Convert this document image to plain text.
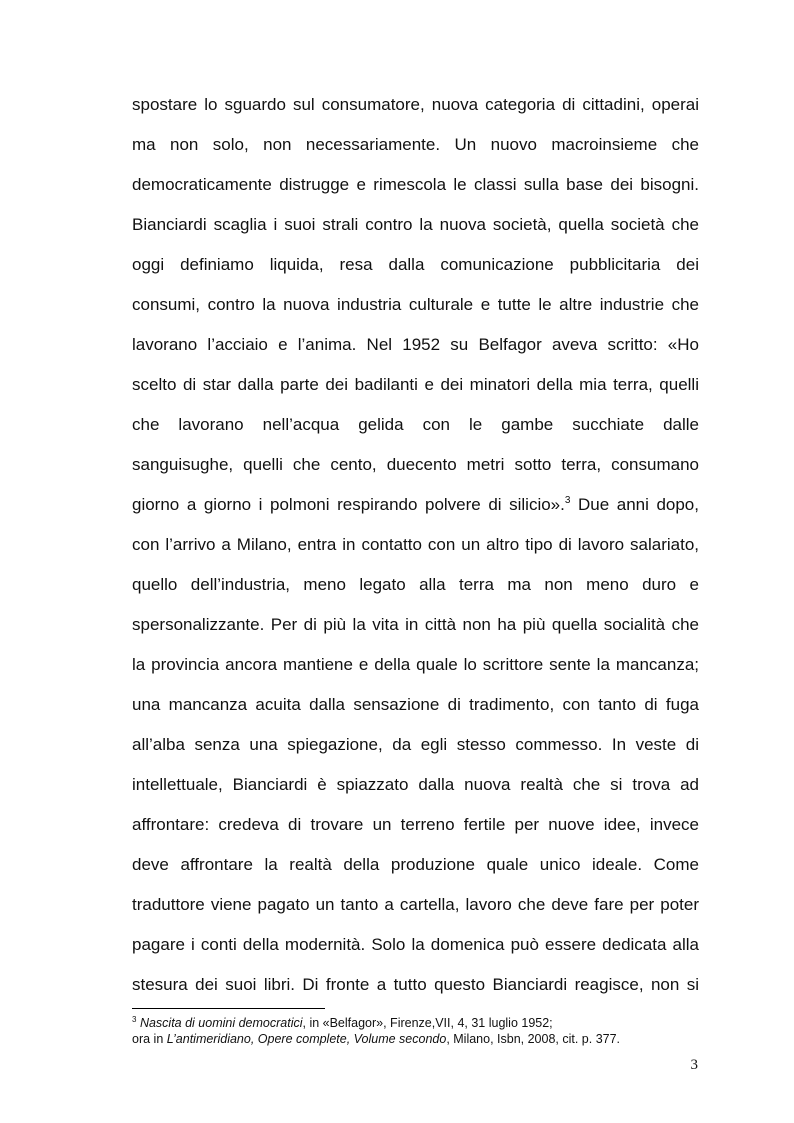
spostare lo sguardo sul consumatore, nuova categoria di cittadini, operai
ma non solo, non necessariamente. Un nuovo macroinsieme che
democraticamente distrugge e rimescola le classi sulla base dei bisogni.
Bianciardi scaglia i suoi strali contro la nuova società, quella società che
oggi definiamo liquida, resa dalla comunicazione pubblicitaria dei
consumi, contro la nuova industria culturale e tutte le altre industrie che
lavorano l’acciaio e l’anima. Nel 1952 su Belfagor aveva scritto: «Ho
scelto di star dalla parte dei badilanti e dei minatori della mia terra, quelli
che lavorano nell’acqua gelida con le gambe succhiate dalle
sanguisughe, quelli che cento, duecento metri sotto terra, consumano
giorno a giorno i polmoni respirando polvere di silicio».$^3$ Due anni dopo,
con l’arrivo a Milano, entra in contatto con un altro tipo di lavoro salariato,
quello dell’industria, meno legato alla terra ma non meno duro e
spersonalizzante. Per di più la vita in città non ha più quella socialità che
la provincia ancora mantiene e della quale lo scrittore sente la mancanza;
una mancanza acuita dalla sensazione di tradimento, con tanto di fuga
all’alba senza una spiegazione, da egli stesso commesso. In veste di
intellettuale, Bianciardi è spiazzato dalla nuova realtà che si trova ad
affrontare: credeva di trovare un terreno fertile per nuove idee, invece
deve affrontare la realtà della produzione quale unico ideale. Come
traduttore viene pagato un tanto a cartella, lavoro che deve fare per poter
pagare i conti della modernità. Solo la domenica può essere dedicata alla
stesura dei suoi libri. Di fronte a tutto questo Bianciardi reagisce, non si
$^3$ Nascita di uomini democratici, in «Belfagor», Firenze,VII, 4, 31 luglio 1952;
ora in L’antimeridiano, Opere complete, Volume secondo, Milano, Isbn, 2008, cit. p. 377.
3
